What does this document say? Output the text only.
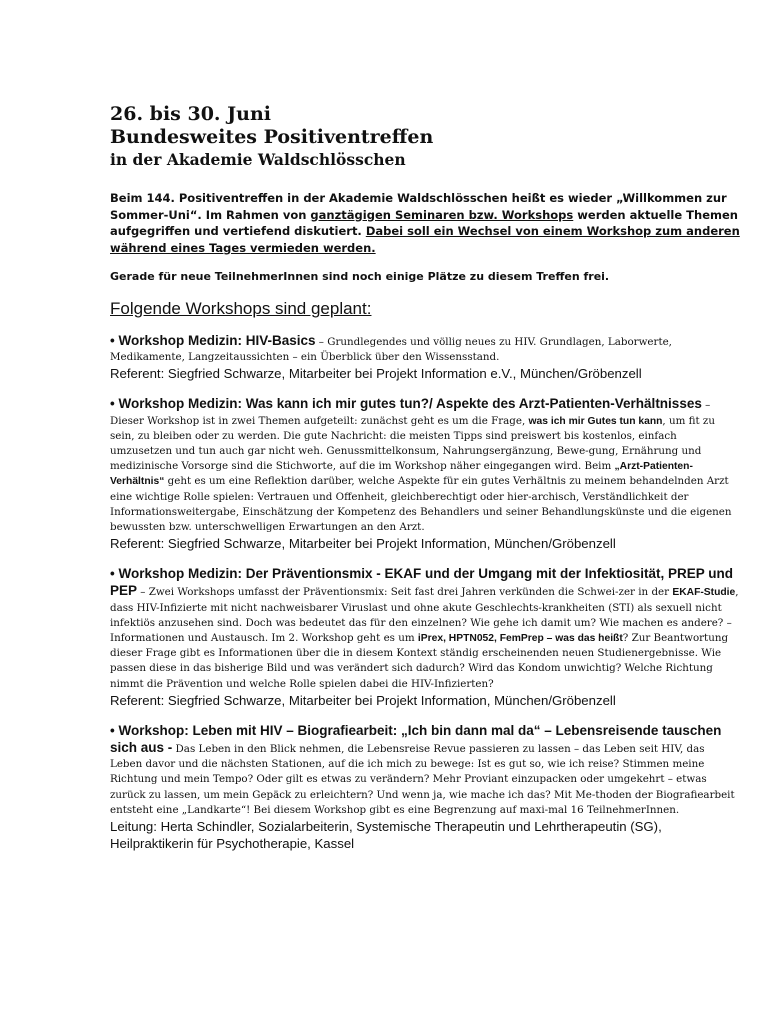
26. bis 30. Juni
Bundesweites Positiventreffen
in der Akademie Waldschlösschen
Beim 144. Positiventreffen in der Akademie Waldschlösschen heißt es wieder „Willkommen zur Sommer-Uni“. Im Rahmen von ganztägigen Seminaren bzw. Workshops werden aktuelle Themen aufgegriffen und vertiefend diskutiert. Dabei soll ein Wechsel von einem Workshop zum anderen während eines Tages vermieden werden.
Gerade für neue TeilnehmerInnen sind noch einige Plätze zu diesem Treffen frei.
Folgende Workshops sind geplant:
• Workshop Medizin: HIV-Basics – Grundlegendes und völlig neues zu HIV. Grundlagen, Laborwerte, Medikamente, Langzeitaussichten – ein Überblick über den Wissensstand.
Referent: Siegfried Schwarze, Mitarbeiter bei Projekt Information e.V., München/Gröbenzell
• Workshop Medizin: Was kann ich mir gutes tun?/ Aspekte des Arzt-Patienten-Verhältnisses – Dieser Workshop ist in zwei Themen aufgeteilt: zunächst geht es um die Frage, was ich mir Gutes tun kann, um fit zu sein, zu bleiben oder zu werden. Die gute Nachricht: die meisten Tipps sind preiswert bis kostenlos, einfach umzusetzen und tun auch gar nicht weh. Genussmittelkonsum, Nahrungsergänzung, Bewe-gung, Ernährung und medizinische Vorsorge sind die Stichworte, auf die im Workshop näher eingegangen wird. Beim „Arzt-Patienten-Verhältnis“ geht es um eine Reflektion darüber, welche Aspekte für ein gutes Verhältnis zu meinem behandelnden Arzt eine wichtige Rolle spielen: Vertrauen und Offenheit, gleichberechtigt oder hier-archisch, Verständlichkeit der Informationsweitergabe, Einschätzung der Kompetenz des Behandlers und seiner Behandlungskünste und die eigenen bewussten bzw. unterschwelligen Erwartungen an den Arzt.
Referent: Siegfried Schwarze, Mitarbeiter bei Projekt Information, München/Gröbenzell
• Workshop Medizin: Der Präventionsmix - EKAF und der Umgang mit der Infektiosität, PREP und PEP – Zwei Workshops umfasst der Präventionsmix: Seit fast drei Jahren verkünden die Schwei-zer in der EKAF-Studie, dass HIV-Infizierte mit nicht nachweisbarer Viruslast und ohne akute Geschlechts-krankheiten (STI) als sexuell nicht infektiös anzusehen sind. Doch was bedeutet das für den einzelnen? Wie gehe ich damit um? Wie machen es andere? – Informationen und Austausch. Im 2. Workshop geht es um iPrex, HPTN052, FemPrep – was das heißt? Zur Beantwortung dieser Frage gibt es Informationen über die in diesem Kontext ständig erscheinenden neuen Studienergebnisse. Wie passen diese in das bisherige Bild und was verändert sich dadurch? Wird das Kondom unwichtig? Welche Richtung nimmt die Prävention und welche Rolle spielen dabei die HIV-Infizierten?
Referent: Siegfried Schwarze, Mitarbeiter bei Projekt Information, München/Gröbenzell
• Workshop: Leben mit HIV – Biografiearbeit: „Ich bin dann mal da“ – Lebensreisende tauschen sich aus - Das Leben in den Blick nehmen, die Lebensreise Revue passieren zu lassen – das Leben seit HIV, das Leben davor und die nächsten Stationen, auf die ich mich zu bewege: Ist es gut so, wie ich reise? Stimmen meine Richtung und mein Tempo? Oder gilt es etwas zu verändern? Mehr Proviant einzupacken oder umgekehrt – etwas zurück zu lassen, um mein Gepäck zu erleichtern? Und wenn ja, wie mache ich das? Mit Me-thoden der Biografiearbeit entsteht eine „Landkarte“! Bei diesem Workshop gibt es eine Begrenzung auf maxi-mal 16 TeilnehmerInnen.
Leitung: Herta Schindler, Sozialarbeiterin, Systemische Therapeutin und Lehrtherapeutin (SG), Heilpraktikerin für Psychotherapie, Kassel
